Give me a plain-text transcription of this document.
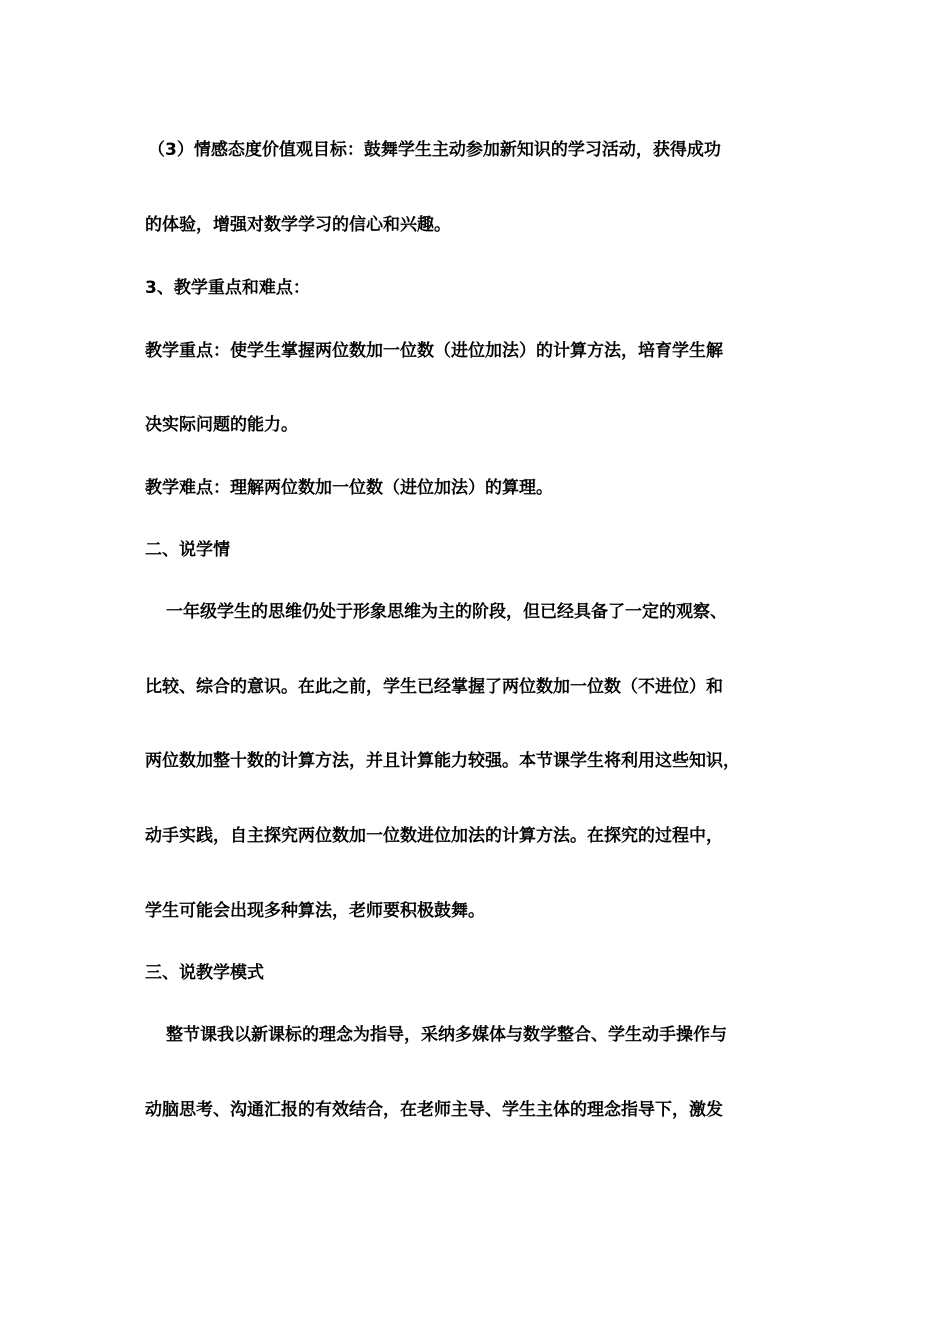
（3）情感态度价值观目标：鼓舞学生主动参加新知识的学习活动，获得成功
的体验，增强对数学学习的信心和兴趣。
3、教学重点和难点：
教学重点：使学生掌握两位数加一位数（进位加法）的计算方法，培育学生解
决实际问题的能力。
教学难点：理解两位数加一位数（进位加法）的算理。
二、说学情
一年级学生的思维仍处于形象思维为主的阶段，但已经具备了一定的观察、
比较、综合的意识。在此之前，学生已经掌握了两位数加一位数（不进位）和
两位数加整十数的计算方法，并且计算能力较强。本节课学生将利用这些知识，
动手实践，自主探究两位数加一位数进位加法的计算方法。在探究的过程中，
学生可能会出现多种算法，老师要积极鼓舞。
三、说教学模式
整节课我以新课标的理念为指导，采纳多媒体与数学整合、学生动手操作与
动脑思考、沟通汇报的有效结合，在老师主导、学生主体的理念指导下，激发
